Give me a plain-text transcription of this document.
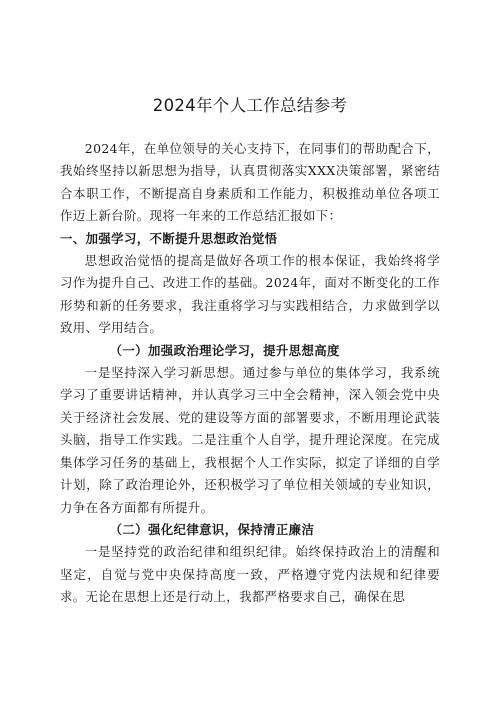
2024年个人工作总结参考

2024年，在单位领导的关心支持下，在同事们的帮助配合下，我始终坚持以新思想为指导，认真贯彻落实XXX决策部署，紧密结合本职工作，不断提高自身素质和工作能力，积极推动单位各项工作迈上新台阶。现将一年来的工作总结汇报如下：

一、加强学习，不断提升思想政治觉悟

思想政治觉悟的提高是做好各项工作的根本保证，我始终将学习作为提升自己、改进工作的基础。2024年，面对不断变化的工作形势和新的任务要求，我注重将学习与实践相结合，力求做到学以致用、学用结合。

（一）加强政治理论学习，提升思想高度

一是坚持深入学习新思想。通过参与单位的集体学习，我系统学习了重要讲话精神，并认真学习三中全会精神，深入领会党中央关于经济社会发展、党的建设等方面的部署要求，不断用理论武装头脑，指导工作实践。二是注重个人自学，提升理论深度。在完成集体学习任务的基础上，我根据个人工作实际，拟定了详细的自学计划，除了政治理论外，还积极学习了单位相关领域的专业知识，力争在各方面都有所提升。

（二）强化纪律意识，保持清正廉洁

一是坚持党的政治纪律和组织纪律。始终保持政治上的清醒和坚定，自觉与党中央保持高度一致，严格遵守党内法规和纪律要求。无论在思想上还是行动上，我都严格要求自己，确保在思
